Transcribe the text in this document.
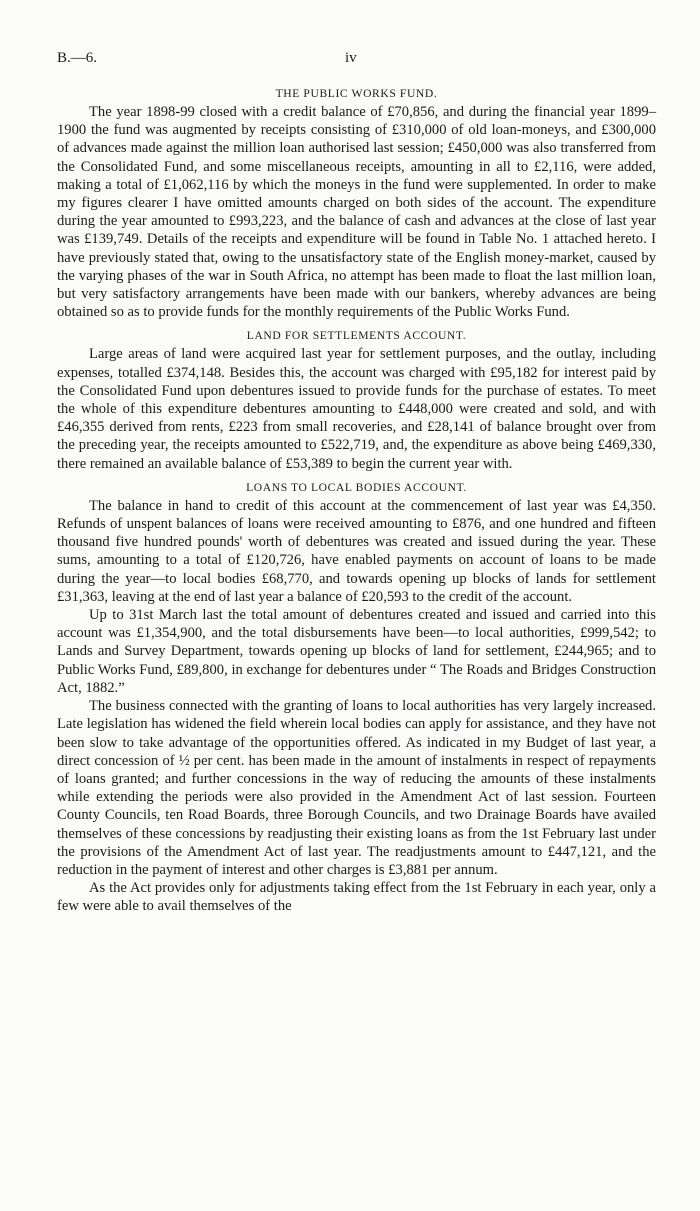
B.—6.	iv
THE PUBLIC WORKS FUND.

The year 1898-99 closed with a credit balance of £70,856, and during the financial year 1899–1900 the fund was augmented by receipts consisting of £310,000 of old loan-moneys, and £300,000 of advances made against the million loan authorised last session; £450,000 was also transferred from the Consolidated Fund, and some miscellaneous receipts, amounting in all to £2,116, were added, making a total of £1,062,116 by which the moneys in the fund were supplemented. In order to make my figures clearer I have omitted amounts charged on both sides of the account. The expenditure during the year amounted to £993,223, and the balance of cash and advances at the close of last year was £139,749. Details of the receipts and expenditure will be found in Table No. 1 attached hereto. I have previously stated that, owing to the unsatisfactory state of the English money-market, caused by the varying phases of the war in South Africa, no attempt has been made to float the last million loan, but very satisfactory arrangements have been made with our bankers, whereby advances are being obtained so as to provide funds for the monthly requirements of the Public Works Fund.

LAND FOR SETTLEMENTS ACCOUNT.

Large areas of land were acquired last year for settlement purposes, and the outlay, including expenses, totalled £374,148. Besides this, the account was charged with £95,182 for interest paid by the Consolidated Fund upon debentures issued to provide funds for the purchase of estates. To meet the whole of this expenditure debentures amounting to £448,000 were created and sold, and with £46,355 derived from rents, £223 from small recoveries, and £28,141 of balance brought over from the preceding year, the receipts amounted to £522,719, and, the expenditure as above being £469,330, there remained an available balance of £53,389 to begin the current year with.

LOANS TO LOCAL BODIES ACCOUNT.

The balance in hand to credit of this account at the commencement of last year was £4,350. Refunds of unspent balances of loans were received amounting to £876, and one hundred and fifteen thousand five hundred pounds' worth of debentures was created and issued during the year. These sums, amounting to a total of £120,726, have enabled payments on account of loans to be made during the year—to local bodies £68,770, and towards opening up blocks of lands for settlement £31,363, leaving at the end of last year a balance of £20,593 to the credit of the account.

Up to 31st March last the total amount of debentures created and issued and carried into this account was £1,354,900, and the total disbursements have been—to local authorities, £999,542; to Lands and Survey Department, towards opening up blocks of land for settlement, £244,965; and to Public Works Fund, £89,800, in exchange for debentures under “ The Roads and Bridges Construction Act, 1882.”

The business connected with the granting of loans to local authorities has very largely increased. Late legislation has widened the field wherein local bodies can apply for assistance, and they have not been slow to take advantage of the opportunities offered. As indicated in my Budget of last year, a direct concession of ½ per cent. has been made in the amount of instalments in respect of repayments of loans granted; and further concessions in the way of reducing the amounts of these instalments while extending the periods were also provided in the Amendment Act of last session. Fourteen County Councils, ten Road Boards, three Borough Councils, and two Drainage Boards have availed themselves of these concessions by readjusting their existing loans as from the 1st February last under the provisions of the Amendment Act of last year. The readjustments amount to £447,121, and the reduction in the payment of interest and other charges is £3,881 per annum.

As the Act provides only for adjustments taking effect from the 1st February in each year, only a few were able to avail themselves of the
